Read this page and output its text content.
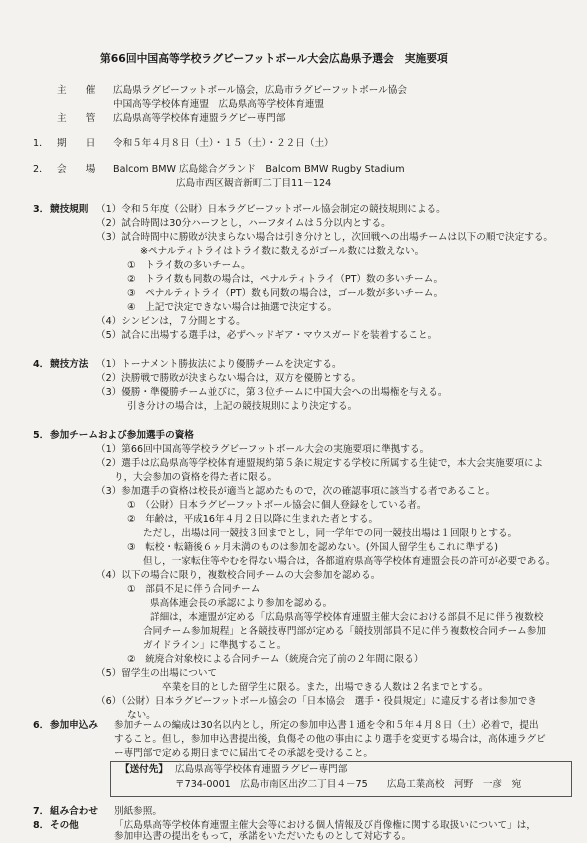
第66回中国高等学校ラグビーフットボール大会広島県予選会　実施要項
主　　催 広島県ラグビーフットボール協会，広島市ラグビーフットボール協会
中国高等学校体育連盟　広島県高等学校体育連盟
主　　管 広島県高等学校体育連盟ラグビー専門部
1． 期　　日 令和５年４月８日（土）・１５（土）・２２日（土）
2． 会　　場 Balcom BMW 広島総合グランド　Balcom BMW Rugby Stadium
広島市西区観音新町二丁目11－124
3． 競技規則 （1）令和５年度（公財）日本ラグビーフットボール協会制定の競技規則による。
（2）試合時間は30分ハーフとし，ハーフタイムは５分以内とする。
（3）試合時間中に勝敗が決まらない場合は引き分けとし，次回戦への出場チームは以下の順で決定する。
※ペナルティトライはトライ数に数えるがゴール数には数えない。
①　トライ数の多いチーム。
②　トライ数も同数の場合は，ペナルティトライ（PT）数の多いチーム。
③　ペナルティトライ（PT）数も同数の場合は，ゴール数が多いチーム。
④　上記で決定できない場合は抽選で決定する。
（4）シンビンは，７分間とする。
（5）試合に出場する選手は，必ずヘッドギア・マウスガードを装着すること。
4． 競技方法 （1）トーナメント勝抜法により優勝チームを決定する。
（2）決勝戦で勝敗が決まらない場合は，双方を優勝とする。
（3）優勝・準優勝チーム並びに，第３位チームに中国大会への出場権を与える。
引き分けの場合は，上記の競技規則により決定する。
5． 参加チームおよび参加選手の資格
（1）第66回中国高等学校ラグビーフットボール大会の実施要項に準拠する。
（2）選手は広島県高等学校体育連盟規約第５条に規定する学校に所属する生徒で，本大会実施要項によ
り，大会参加の資格を得た者に限る。
（3）参加選手の資格は校長が適当と認めたもので，次の確認事項に該当する者であること。
①　（公財）日本ラグビーフットボール協会に個人登録をしている者。
②　年齢は，平成16年４月２日以降に生まれた者とする。
ただし，出場は同一競技３回までとし，同一学年での同一競技出場は１回限りとする。
③　転校・転籍後６ヶ月未満のものは参加を認めない。(外国人留学生もこれに準ずる)
但し，一家転住等やむを得ない場合は，各都道府県高等学校体育連盟会長の許可が必要である。
（4）以下の場合に限り，複数校合同チームの大会参加を認める。
①　部員不足に伴う合同チーム
県高体連会長の承認により参加を認める。
詳細は，本連盟が定める「広島県高等学校体育連盟主催大会における部員不足に伴う複数校
合同チーム参加規程」と各競技専門部が定める「競技別部員不足に伴う複数校合同チーム参加
ガイドライン」に準拠すること。
②　統廃合対象校による合同チーム（統廃合完了前の２年間に限る）
（5）留学生の出場について
卒業を目的とした留学生に限る。また，出場できる人数は２名までとする。
（6）（公財）日本ラグビーフットボール協会の「日本協会　選手・役員規定」に違反する者は参加でき
ない。
6． 参加申込み 参加チームの編成は30名以内とし，所定の参加申込書１通を令和５年４月８日（土）必着で，提出
すること。但し，参加申込書提出後，負傷その他の事由により選手を変更する場合は，高体連ラグビ
ー専門部で定める期日までに届出てその承認を受けること。
【送付先】 広島県高等学校体育連盟ラグビー専門部
〒734-0001　広島市南区出汐二丁目４－75　　広島工業高校　河野　一彦　宛
7． 組み合わせ 別紙参照。
8． その他	「広島県高等学校体育連盟主催大会等における個人情報及び肖像権に関する取扱いについて」は，
参加申込書の提出をもって，承諾をいただいたものとして対応する。
